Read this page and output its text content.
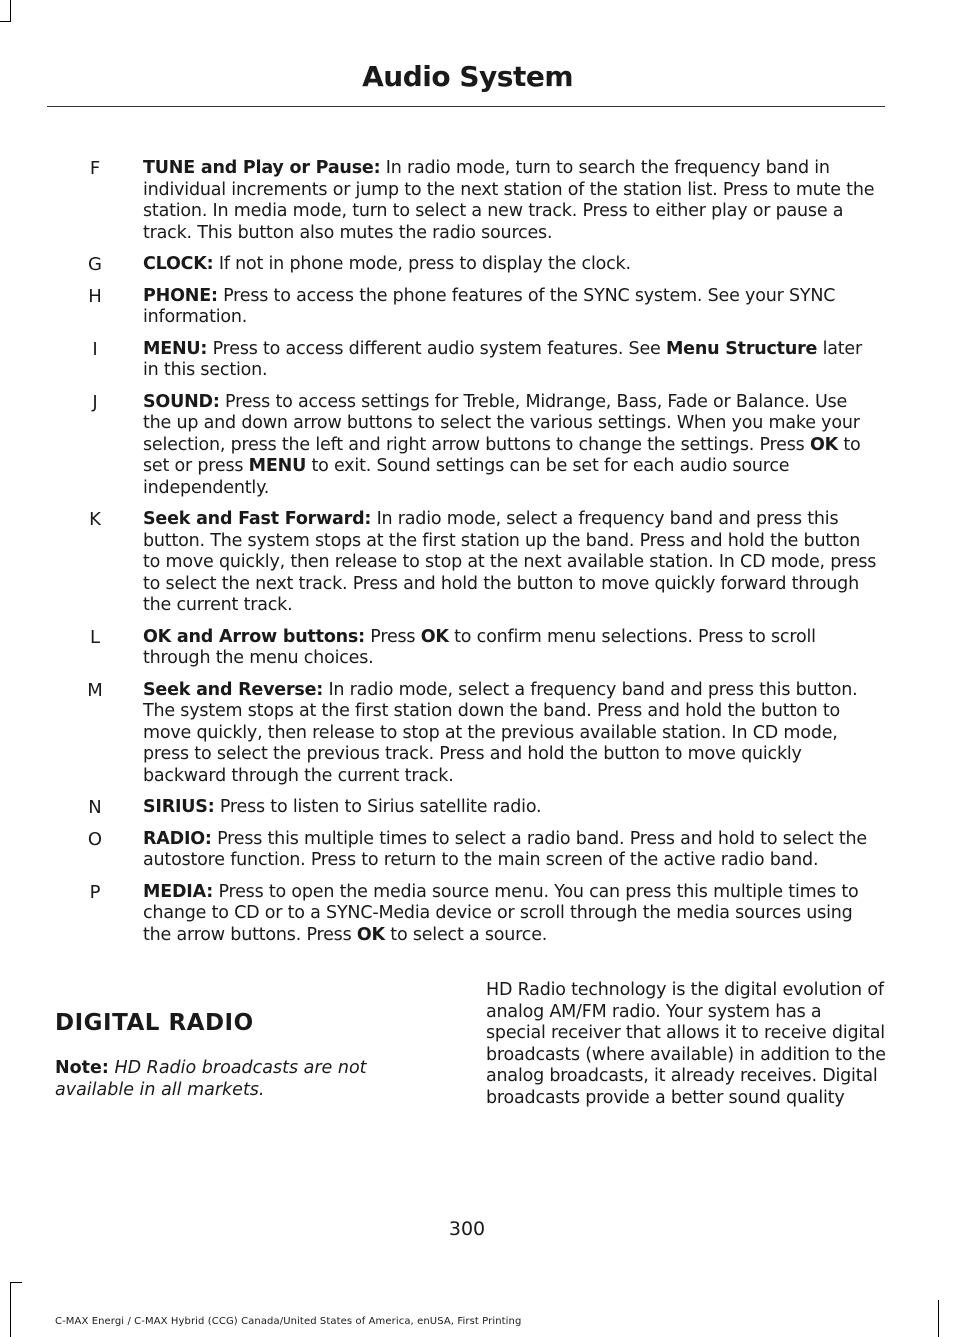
Audio System
F	TUNE and Play or Pause: In radio mode, turn to search the frequency band in individual increments or jump to the next station of the station list. Press to mute the station. In media mode, turn to select a new track. Press to either play or pause a track. This button also mutes the radio sources.
G	CLOCK: If not in phone mode, press to display the clock.
H	PHONE: Press to access the phone features of the SYNC system. See your SYNC information.
I	MENU: Press to access different audio system features. See Menu Structure later in this section.
J	SOUND: Press to access settings for Treble, Midrange, Bass, Fade or Balance. Use the up and down arrow buttons to select the various settings. When you make your selection, press the left and right arrow buttons to change the settings. Press OK to set or press MENU to exit. Sound settings can be set for each audio source independently.
K	Seek and Fast Forward: In radio mode, select a frequency band and press this button. The system stops at the first station up the band. Press and hold the button to move quickly, then release to stop at the next available station. In CD mode, press to select the next track. Press and hold the button to move quickly forward through the current track.
L	OK and Arrow buttons: Press OK to confirm menu selections. Press to scroll through the menu choices.
M	Seek and Reverse: In radio mode, select a frequency band and press this button. The system stops at the first station down the band. Press and hold the button to move quickly, then release to stop at the previous available station. In CD mode, press to select the previous track. Press and hold the button to move quickly backward through the current track.
N	SIRIUS: Press to listen to Sirius satellite radio.
O	RADIO: Press this multiple times to select a radio band. Press and hold to select the autostore function. Press to return to the main screen of the active radio band.
P	MEDIA: Press to open the media source menu. You can press this multiple times to change to CD or to a SYNC-Media device or scroll through the media sources using the arrow buttons. Press OK to select a source.
DIGITAL RADIO
Note: HD Radio broadcasts are not available in all markets.
HD Radio technology is the digital evolution of analog AM/FM radio. Your system has a special receiver that allows it to receive digital broadcasts (where available) in addition to the analog broadcasts, it already receives. Digital broadcasts provide a better sound quality
300
C-MAX Energi / C-MAX Hybrid (CCG) Canada/United States of America, enUSA, First Printing
